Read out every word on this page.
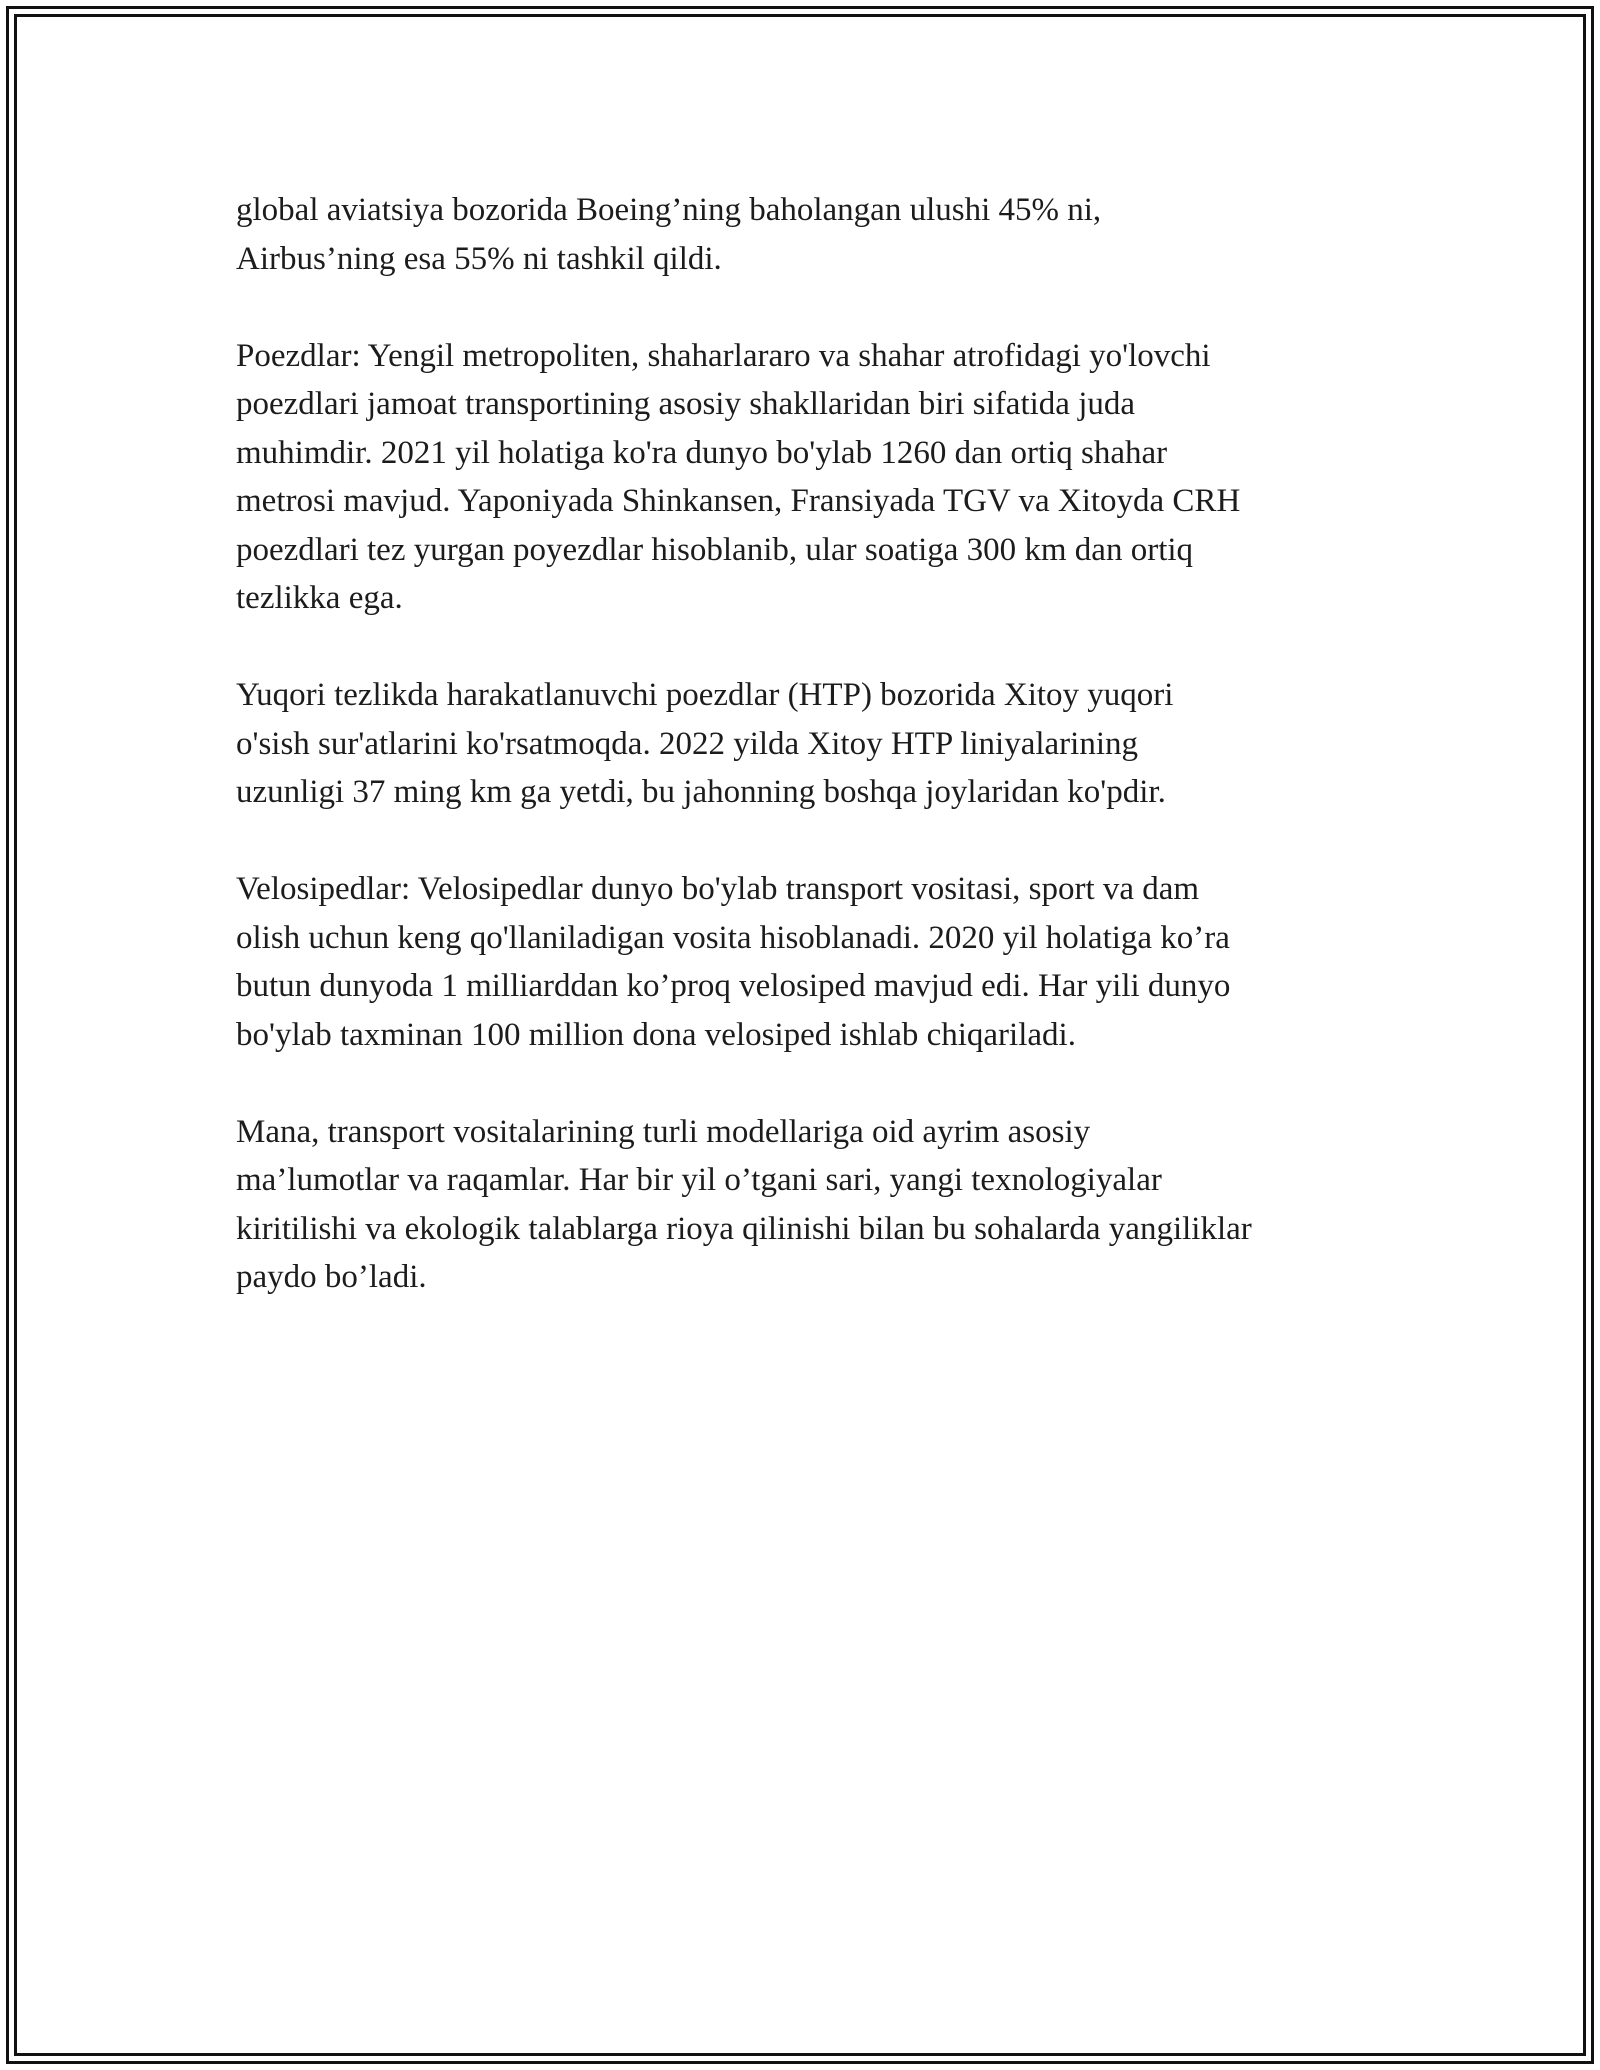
global aviatsiya bozorida Boeing’ning baholangan ulushi 45% ni,
Airbus’ning esa 55% ni tashkil qildi.

Poezdlar: Yengil metropoliten, shaharlararo va shahar atrofidagi yo'lovchi
poezdlari jamoat transportining asosiy shakllaridan biri sifatida juda
muhimdir. 2021 yil holatiga ko'ra dunyo bo'ylab 1260 dan ortiq shahar
metrosi mavjud. Yaponiyada Shinkansen, Fransiyada TGV va Xitoyda CRH
poezdlari tez yurgan poyezdlar hisoblanib, ular soatiga 300 km dan ortiq
tezlikka ega.

Yuqori tezlikda harakatlanuvchi poezdlar (HTP) bozorida Xitoy yuqori
o'sish sur'atlarini ko'rsatmoqda. 2022 yilda Xitoy HTP liniyalarining
uzunligi 37 ming km ga yetdi, bu jahonning boshqa joylaridan ko'pdir.

Velosipedlar: Velosipedlar dunyo bo'ylab transport vositasi, sport va dam
olish uchun keng qo'llaniladigan vosita hisoblanadi. 2020 yil holatiga ko’ra
butun dunyoda 1 milliarddan ko’proq velosiped mavjud edi. Har yili dunyo
bo'ylab taxminan 100 million dona velosiped ishlab chiqariladi.

Mana, transport vositalarining turli modellariga oid ayrim asosiy
ma’lumotlar va raqamlar. Har bir yil o’tgani sari, yangi texnologiyalar
kiritilishi va ekologik talablarga rioya qilinishi bilan bu sohalarda yangiliklar
paydo bo’ladi.
